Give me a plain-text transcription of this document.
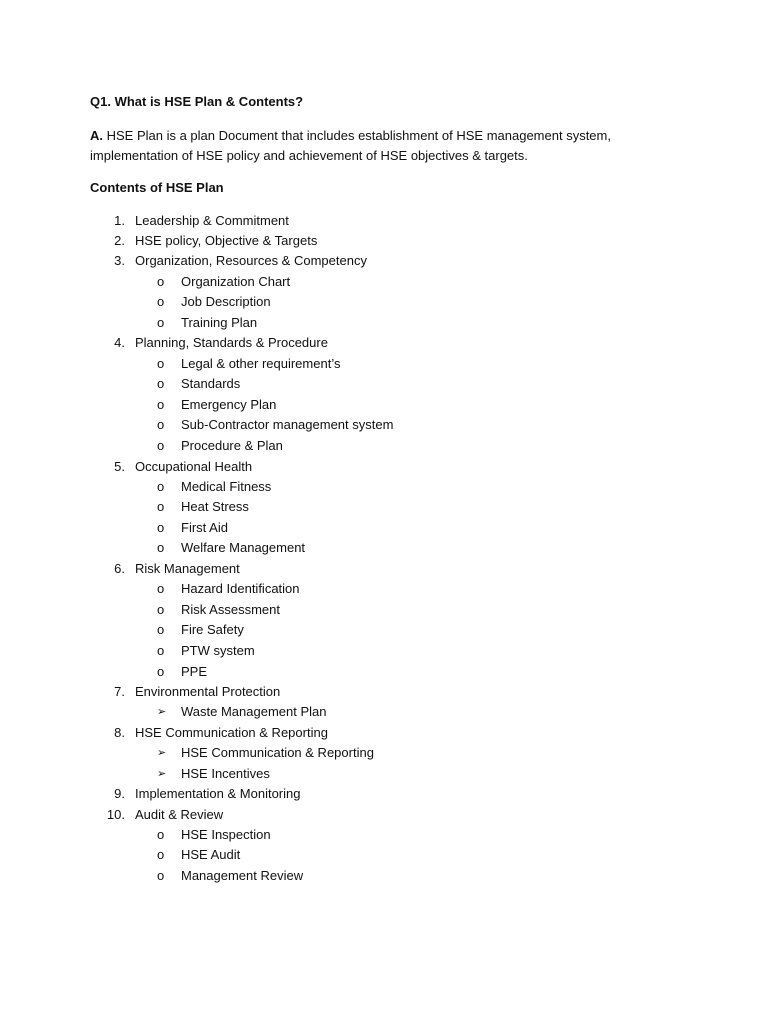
Q1. What is HSE Plan & Contents?
A. HSE Plan is a plan Document that includes establishment of HSE management system, implementation of HSE policy and achievement of HSE objectives & targets.
Contents of HSE Plan
1. Leadership & Commitment
2. HSE policy, Objective & Targets
3. Organization, Resources & Competency
o	Organization Chart
o	Job Description
o	Training Plan
4. Planning, Standards & Procedure
o	Legal & other requirement’s
o	Standards
o	Emergency Plan
o	Sub-Contractor management system
o	Procedure & Plan
5. Occupational Health
o	Medical Fitness
o	Heat Stress
o	First Aid
o	Welfare Management
6. Risk Management
o	Hazard Identification
o	Risk Assessment
o	Fire Safety
o	PTW system
o	PPE
7. Environmental Protection
➢	Waste Management Plan
8. HSE Communication & Reporting
➢	HSE Communication & Reporting
➢	HSE Incentives
9. Implementation & Monitoring
10. Audit & Review
o	HSE Inspection
o	HSE Audit
o	Management Review
